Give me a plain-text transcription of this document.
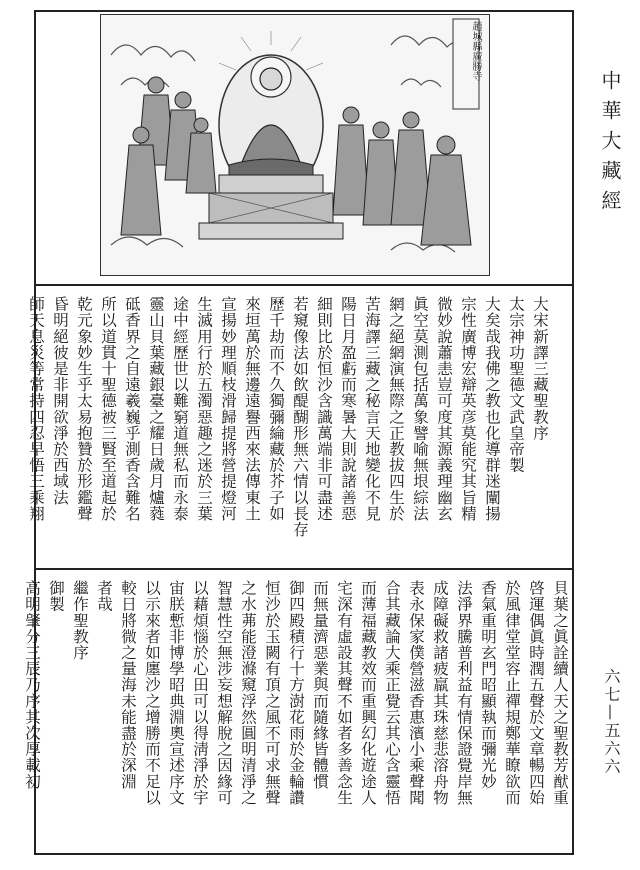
趙城縣廣勝寺
中華大藏經
六七—五六六
大宋新譯三藏聖教序
太宗神功聖德文武皇帝製
大矣哉我佛之教也化導群迷闡揚
宗性廣博宏辯英彦莫能究其旨精
微妙說蕭恚豈可度其源義理幽玄
眞空莫測包括萬象譬喻無垠綜法
網之絕網演無際之正教拔四生於
苦海譯三藏之秘言天地變化不見
陽日月盈虧而寒暑大則說諸善惡
細則比於恒沙含識萬端非可盡述
若窺像法如飲醍醐形無六情以長存
歷千劫而不久獨彌綸藏於芥子如
來垣萬於無邊遠譽西來法傳東土
宣揚妙理順枝滑歸提將營提燈河
生滅用行於五濁惡趣之迷於三葉
途中經歷世以難窮道無私而永泰
靈山貝葉藏銀臺之耀日歲月爐蕤
砥香界之自遠羲巍乎測香含難名
所以道貫十聖德被三賢至道起於
乾元象妙生乎太易抱贊於形鑑聲
昏明絕彼是非開欲淨於西域法
師天息災等常持四忍早悟三乘翔
貝葉之眞詮續人天之聖教芳猷重
啓運偶眞時潤五聲於文章暢四始
於風律堂堂容止禪規鄭華瞭欲而
香氣重明玄門昭顯執而彌光妙
法淨界騰普利益有情保證覺岸無
成障礙救諸疲羸其珠慈悲溶舟物
表永保家僕營滋香惠濱小乘聲聞
合其藏論大乘正覺云其心含靈悟
而薄福藏教效而重興幻化遊途人
宅深有虛設其聲不如者多善念生
而無量濟惡業與而隨緣皆體慣
御四殿積行十方澍花雨於金輪讚
恒沙於玉闕有頂之風不可求無聲
之水茀能澄滌窺浮然圓明清淨之
智慧性空無涉妄想解脫之因緣可
以藉煩惱於心田可以得淸淨於宇
宙朕慙非博學昭典淵奧宣述序文
以示來者如廛沙之增勝而不足以
較日將微之量海未能盡於深淵
者哉
繼作聖教序
御製
高明肇分三辰乃序其次厚載初
